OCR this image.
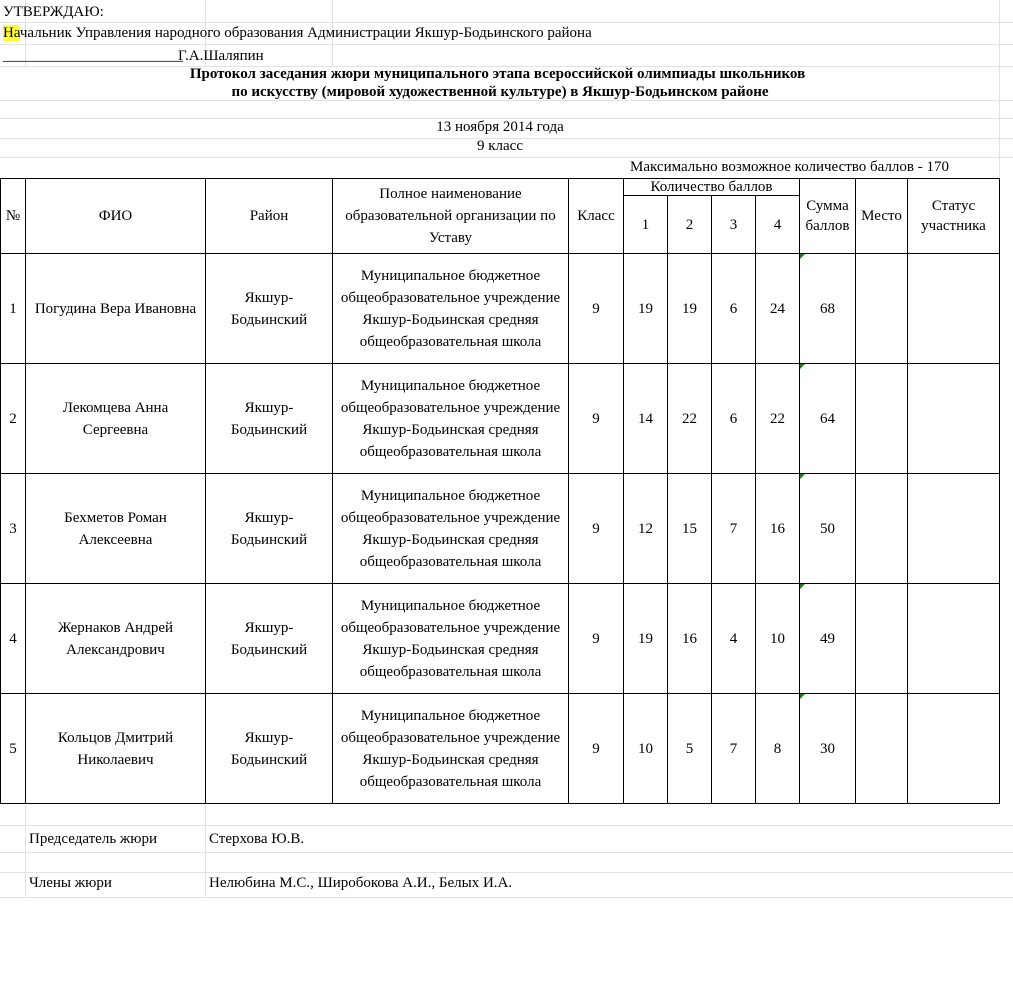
УТВЕРЖДАЮ:
Начальник Управления народного образования Администрации Якшур-Бодьинского района
________________________
Г.А.Шаляпин
Протокол заседания жюри муниципального этапа всероссийской олимпиады школьников
по искусству (мировой художественной культуре) в Якшур-Бодьинском районе
13 ноября 2014 года
9 класс
Максимально возможное количество баллов - 170
№	ФИО	Район	Полное наименование образовательной организации по Уставу	Класс	Количество баллов				Сумма баллов	Место	Статус участника
					1	2	3	4			
1	Погудина Вера Ивановна	Якшур-Бодьинский	Муниципальное бюджетное общеобразовательное учреждение Якшур-Бодьинская средняя общеобразовательная школа	9	19	19	6	24	68

2	Лекомцева Анна Сергеевна	Якшур-Бодьинский	Муниципальное бюджетное общеобразовательное учреждение Якшур-Бодьинская средняя общеобразовательная школа	9	14	22	6	22	64

3	Бехметов Роман Алексеевна	Якшур-Бодьинский	Муниципальное бюджетное общеобразовательное учреждение Якшур-Бодьинская средняя общеобразовательная школа	9	12	15	7	16	50

4	Жернаков Андрей Александрович	Якшур-Бодьинский	Муниципальное бюджетное общеобразовательное учреждение Якшур-Бодьинская средняя общеобразовательная школа	9	19	16	4	10	49

5	Кольцов Дмитрий Николаевич	Якшур-Бодьинский	Муниципальное бюджетное общеобразовательное учреждение Якшур-Бодьинская средняя общеобразовательная школа	9	10	5	7	8	30

Председатель жюри	Стерхова Ю.В.
Члены жюри	Нелюбина М.С., Широбокова А.И., Белых И.А.
